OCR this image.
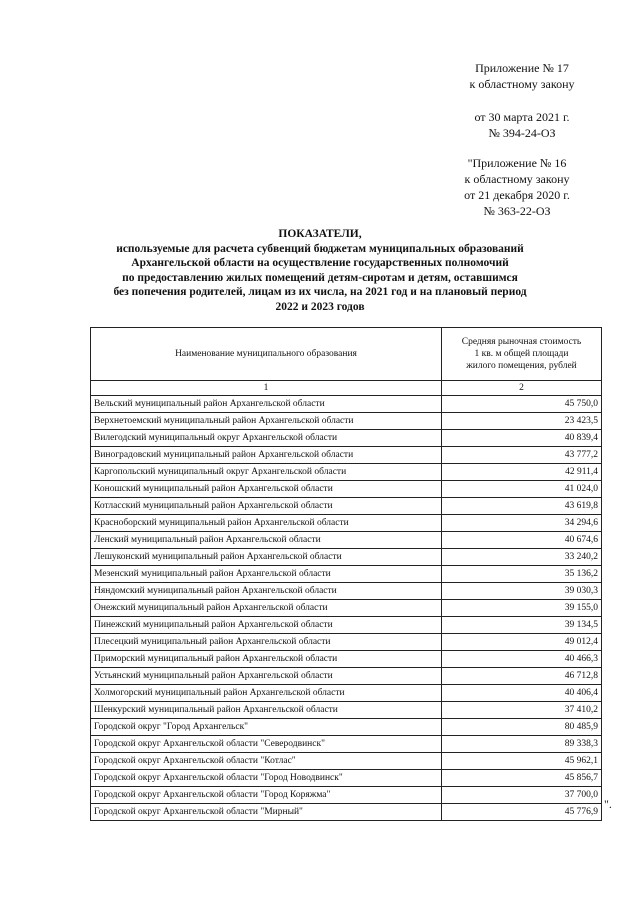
Приложение № 17
к областному закону
от 30 марта 2021 г.
№ 394-24-ОЗ
"Приложение № 16
к областному закону
от 21 декабря 2020 г.
№ 363-22-ОЗ
ПОКАЗАТЕЛИ,
используемые для расчета субвенций бюджетам муниципальных образований
Архангельской области на осуществление государственных полномочий
по предоставлению жилых помещений детям-сиротам и детям, оставшимся
без попечения родителей, лицам из их числа, на 2021 год и на плановый период
2022 и 2023 годов
Наименование муниципального образования	Средняя рыночная стоимость
1 кв. м общей площади
жилого помещения, рублей

1	2
Вельский муниципальный район Архангельской области	45 750,0
Верхнетоемский муниципальный район Архангельской области	23 423,5
Вилегодский муниципальный округ Архангельской области	40 839,4
Виноградовский муниципальный район Архангельской области	43 777,2
Каргопольский муниципальный округ Архангельской области	42 911,4
Коношский муниципальный район Архангельской области	41 024,0
Котласский муниципальный район Архангельской области	43 619,8
Красноборский муниципальный район Архангельской области	34 294,6
Ленский муниципальный район Архангельской области	40 674,6
Лешуконский муниципальный район Архангельской области	33 240,2
Мезенский муниципальный район Архангельской области	35 136,2
Няндомский муниципальный район Архангельской области	39 030,3
Онежский муниципальный район Архангельской области	39 155,0
Пинежский муниципальный район Архангельской области	39 134,5
Плесецкий муниципальный район Архангельской области	49 012,4
Приморский муниципальный район Архангельской области	40 466,3
Устьянский муниципальный район Архангельской области	46 712,8
Холмогорский муниципальный район Архангельской области	40 406,4
Шенкурский муниципальный район Архангельской области	37 410,2
Городской округ "Город Архангельск"	80 485,9
Городской округ Архангельской области "Северодвинск"	89 338,3
Городской округ Архангельской области "Котлас"	45 962,1
Городской округ Архангельской области "Город Новодвинск"	45 856,7
Городской округ Архангельской области "Город Коряжма"	37 700,0
Городской округ Архангельской области "Мирный"	45 776,9
".
